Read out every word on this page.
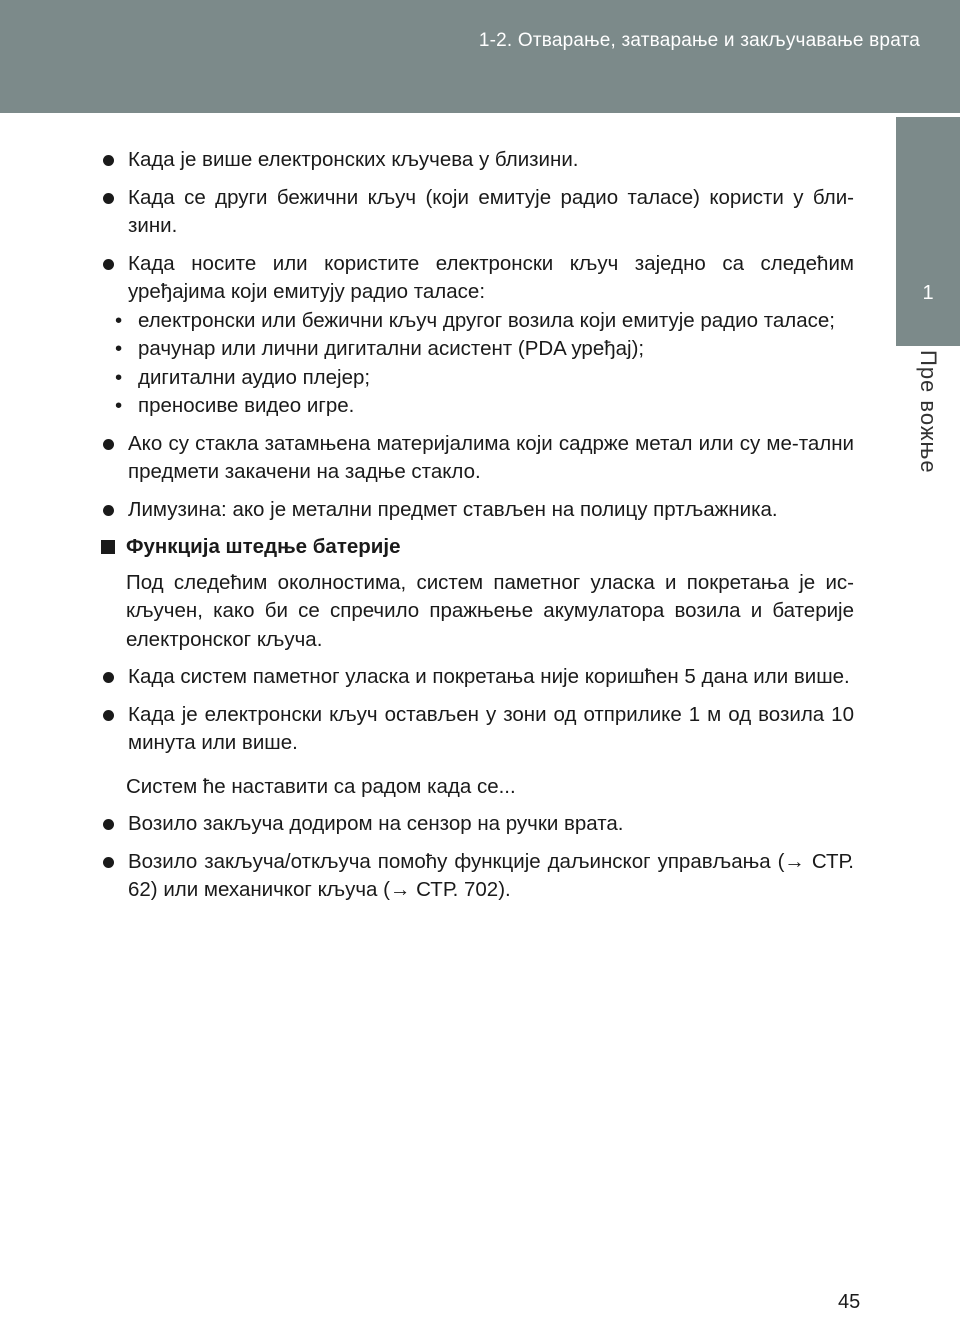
1-2. Отварање, затварање и закључавање врата
1
Пре вожње
Када је више електронских кључева у близини.
Када се други бежични кључ (који емитује радио таласе) користи у бли-зини.
Када носите или користите електронски кључ заједно са следећим уређајима који емитују радио таласе:
• електронски или бежични кључ другог возила који емитује радио таласе;
• рачунар или лични дигитални асистент (PDA уређај);
• дигитални аудио плејер;
• преносиве видео игре.
Ако су стакла затамњена материјалима који садрже метал или су ме-тални предмети закачени на задње стакло.
Лимузина: ако је метални предмет стављен на полицу пртљажника.
Функција штедње батерије
Под следећим околностима, систем паметног уласка и покретања је ис-кључен, како би се спречило пражњење акумулатора возила и батерије електронског кључа.
Када систем паметног уласка и покретања није коришћен 5 дана или више.
Када је електронски кључ остављен у зони од отприлике 1 м од возила 10 минута или више.
Систем ће наставити са радом када се...
Возило закључа додиром на сензор на ручки врата.
Возило закључа/откључа помоћу функције даљинског управљања (→ СТР. 62) или механичког кључа (→ СТР. 702).
45
